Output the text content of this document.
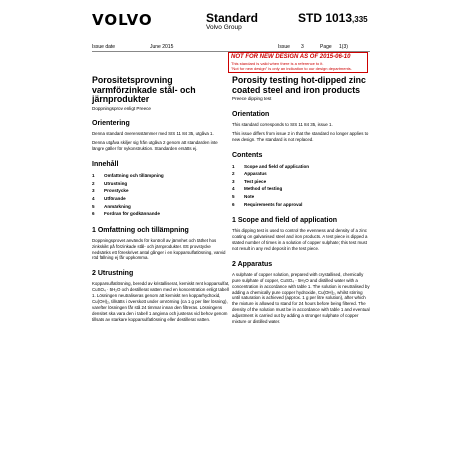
VOLVO	Standard
Volvo Group
STD 1013,335
Issue date	June 2015	Issue 3	Page 1(3)
NOT FOR NEW DESIGN AS OF 2015-06-10
This standard is valid when there is a reference to it.
"Not for new design" is only an indication to our design departments.
Porositetsprovning varmförzinkade stål- och järnprodukter
Doppningsprov enligt Preece
Orientering
Denna standard överensstämmer med SIS 11 84 35, utgåva 1.
Denna utgåva skiljer sig från utgåva 2 genom att standarden inte längre gäller för nykonstruktion. Standarden ersätts ej.
Innehåll
1	Omfattning och tillämpning
2	Utrustning
3	Provstycke
4	Utförande
5	Anmärkning
6	Fordran för godkännande
1 Omfattning och tillämpning
Doppningsprovet används för kontroll av jämnhet och täthet hos zinkskikt på förzinkade stål- och järnprodukter. Ett provstycke nedsänks ett föreskrivet antal gånger i en kopparsulfatlösning, varvid röd fällning ej får uppkomma.
2 Utrustning
Kopparsulfatlösning, beredd av kristalliserat, kemiskt rent kopparsulfat, CuSO₄ · 5H₂O och destillerat vatten med en koncentration enligt tabell 1. Lösningen neutraliseras genom att kemiskt ren kopparhydroxid, Cu(OH)₂, tillsätts i överskott under omrörning (ca 1 g per liter lösning), varefter lösningen får stå 24 timmar innan den filtreras. Lösningens densitet ska vara den i tabell 1 angivna och justeras vid behov genom tillsats av starkare kopparsulfatlösning eller destillerat vatten.
Porosity testing hot-dipped zinc coated steel and iron products
Preece dipping test
Orientation
This standard corresponds to SIS 11 84 35, issue 1.
This issue differs from issue 2 in that the standard no longer applies to new design. The standard is not replaced.
Contents
1	Scope and field of application
2	Apparatus
3	Test piece
4	Method of testing
5	Note
6	Requirements for approval
1 Scope and field of application
This dipping test is used to control the evenness and density of a zinc coating on galvanised steel and iron products. A test piece is dipped a stated number of times in a solution of copper sulphate; this test must not result in any red deposit in the test piece.
2 Apparatus
A sulphate of copper solution, prepared with crystallised, chemically pure sulphate of copper, CuSO₄ · 5H₂O and distilled water with a concentration in accordance with table 1. The solution is neutralised by adding a chemically pure copper hydroxide, Cu(OH)₂, whilst stirring until saturation is achieved (approx. 1 g per litre solution), after which the mixture is allowed to stand for 24 hours before being filtered. The density of the solution must be in accordance with table 1 and eventual adjustment is carried out by adding a stronger sulphate of copper mixture or distilled water.
